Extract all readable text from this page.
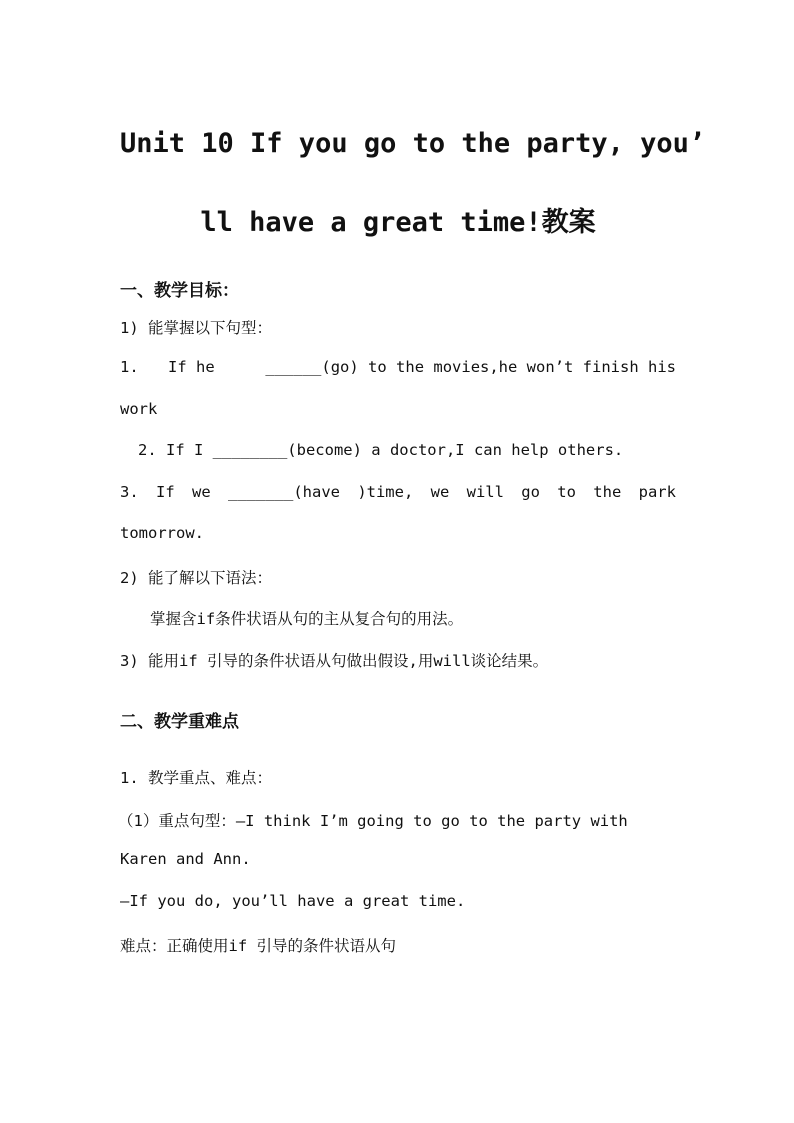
Unit 10 If you go to the party, you’
ll have a great time!教案
一、教学目标：
1) 能掌握以下句型：
1. If he	______(go) to the movies,he won’t finish his
work
2. If I ________(become) a doctor,I can help others.
3. If we _______(have )time, we will go to the park
tomorrow.
2) 能了解以下语法：
掌握含if条件状语从句的主从复合句的用法。
3) 能用if 引导的条件状语从句做出假设,用will谈论结果。
二、教学重难点
1. 教学重点、难点：
（1）重点句型：—I think I’m going to go to the party with
Karen and Ann.
—If you do, you’ll have a great time.
难点：正确使用if 引导的条件状语从句
